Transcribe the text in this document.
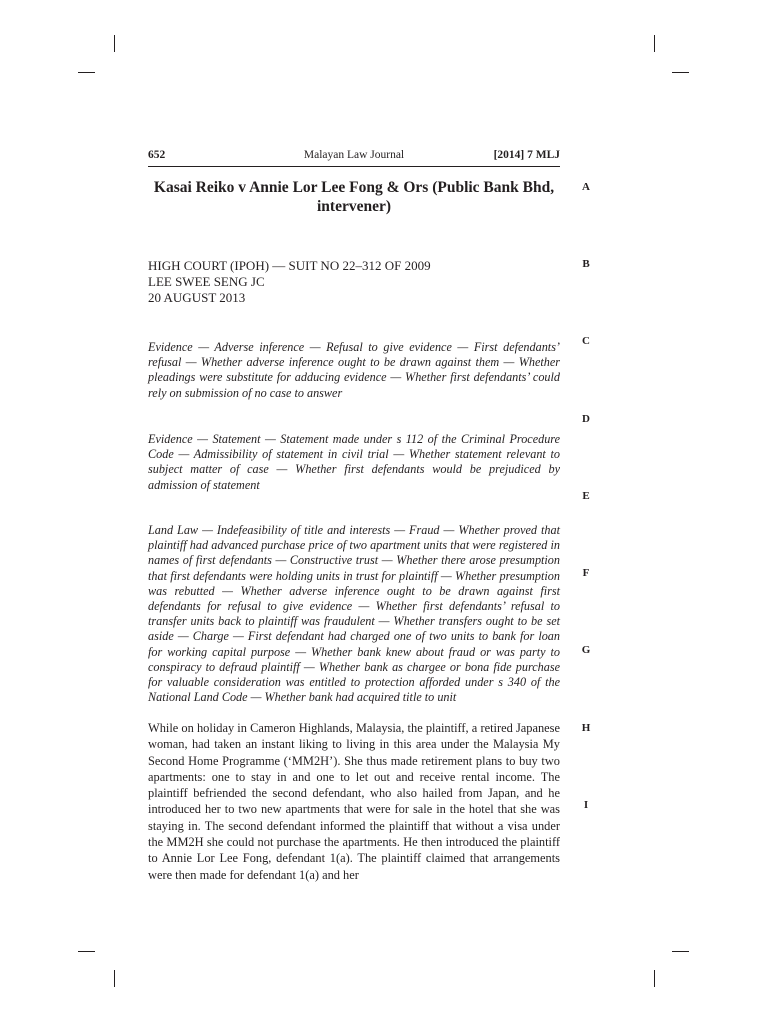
Malayan Law Journal
652	[2014] 7 MLJ
A
B
C
D
E
F
G
H
I
Kasai Reiko v Annie Lor Lee Fong & Ors (Public Bank Bhd, intervener)
HIGH COURT (IPOH) — SUIT NO 22–312 OF 2009
LEE SWEE SENG JC
20 AUGUST 2013
Evidence — Adverse inference — Refusal to give evidence — First defendants’ refusal — Whether adverse inference ought to be drawn against them — Whether pleadings were substitute for adducing evidence — Whether first defendants’ could rely on submission of no case to answer
Evidence — Statement — Statement made under s 112 of the Criminal Procedure Code — Admissibility of statement in civil trial — Whether statement relevant to subject matter of case — Whether first defendants would be prejudiced by admission of statement
Land Law — Indefeasibility of title and interests — Fraud — Whether proved that plaintiff had advanced purchase price of two apartment units that were registered in names of first defendants — Constructive trust — Whether there arose presumption that first defendants were holding units in trust for plaintiff — Whether presumption was rebutted — Whether adverse inference ought to be drawn against first defendants for refusal to give evidence — Whether first defendants’ refusal to transfer units back to plaintiff was fraudulent — Whether transfers ought to be set aside — Charge — First defendant had charged one of two units to bank for loan for working capital purpose — Whether bank knew about fraud or was party to conspiracy to defraud plaintiff — Whether bank as chargee or bona fide purchase for valuable consideration was entitled to protection afforded under s 340 of the National Land Code — Whether bank had acquired title to unit
While on holiday in Cameron Highlands, Malaysia, the plaintiff, a retired Japanese woman, had taken an instant liking to living in this area under the Malaysia My Second Home Programme (‘MM2H’). She thus made retirement plans to buy two apartments: one to stay in and one to let out and receive rental income. The plaintiff befriended the second defendant, who also hailed from Japan, and he introduced her to two new apartments that were for sale in the hotel that she was staying in. The second defendant informed the plaintiff that without a visa under the MM2H she could not purchase the apartments. He then introduced the plaintiff to Annie Lor Lee Fong, defendant 1(a). The plaintiff claimed that arrangements were then made for defendant 1(a) and her
